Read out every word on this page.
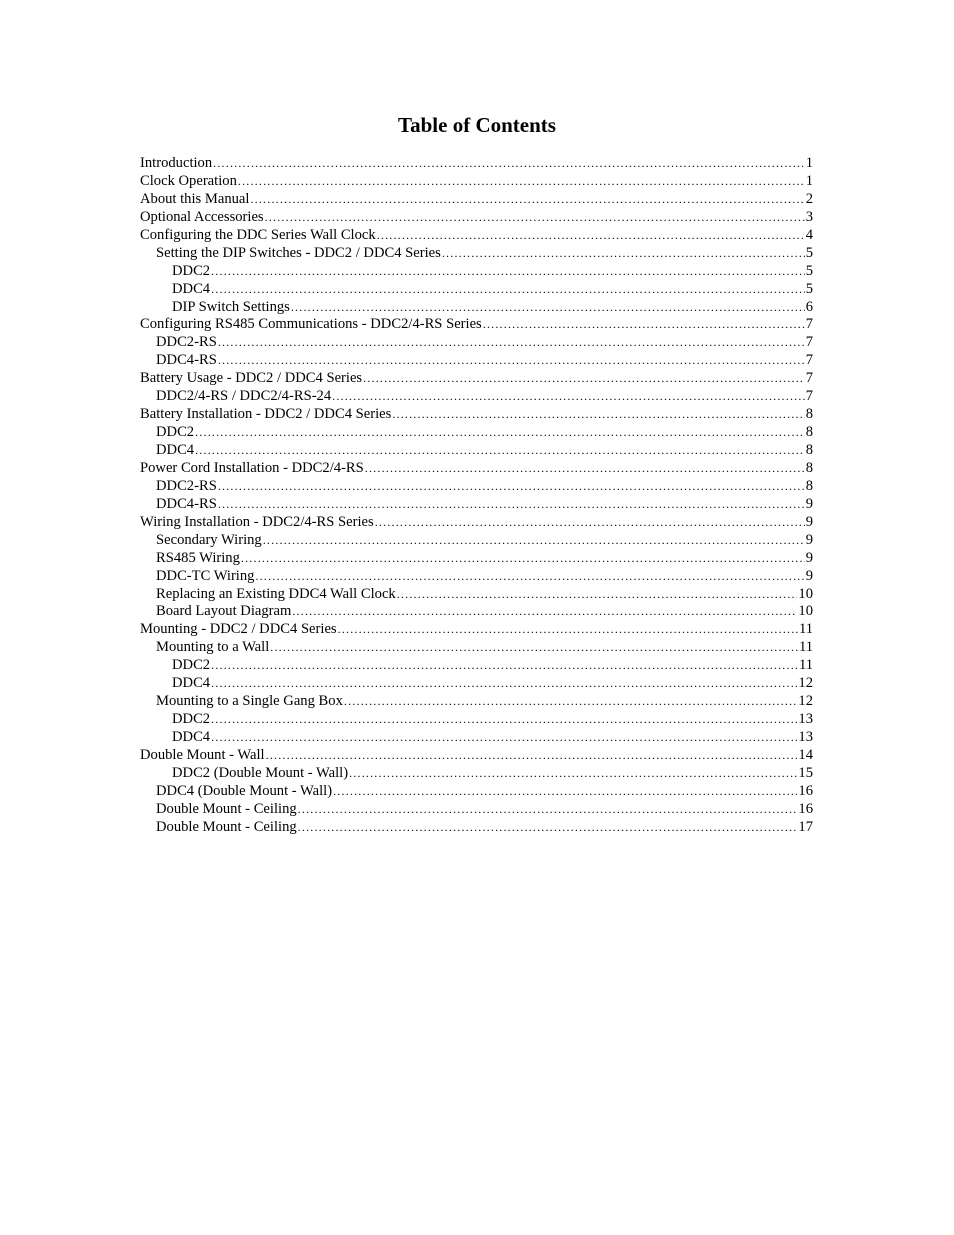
Table of Contents
Introduction .....	1
Clock Operation .....	1
About this Manual .....	2
Optional Accessories .....	3
Configuring the DDC Series Wall Clock .....	4
Setting the DIP Switches - DDC2 / DDC4 Series .....	5
DDC2 .....	5
DDC4 .....	5
DIP Switch Settings .....	6
Configuring RS485 Communications - DDC2/4-RS Series .....	7
DDC2-RS .....	7
DDC4-RS .....	7
Battery Usage - DDC2 / DDC4 Series .....	7
DDC2/4-RS / DDC2/4-RS-24 .....	7
Battery Installation - DDC2 / DDC4 Series .....	8
DDC2 .....	8
DDC4 .....	8
Power Cord Installation - DDC2/4-RS .....	8
DDC2-RS .....	8
DDC4-RS .....	9
Wiring Installation - DDC2/4-RS Series .....	9
Secondary Wiring .....	9
RS485 Wiring .....	9
DDC-TC Wiring .....	9
Replacing an Existing DDC4 Wall Clock .....	10
Board Layout Diagram .....	10
Mounting - DDC2 / DDC4 Series .....	11
Mounting to a Wall .....	11
DDC2 .....	11
DDC4 .....	12
Mounting to a Single Gang Box .....	12
DDC2 .....	13
DDC4 .....	13
Double Mount - Wall .....	14
DDC2 (Double Mount - Wall) .....	15
DDC4 (Double Mount - Wall) .....	16
Double Mount - Ceiling .....	16
Double Mount - Ceiling .....	17
